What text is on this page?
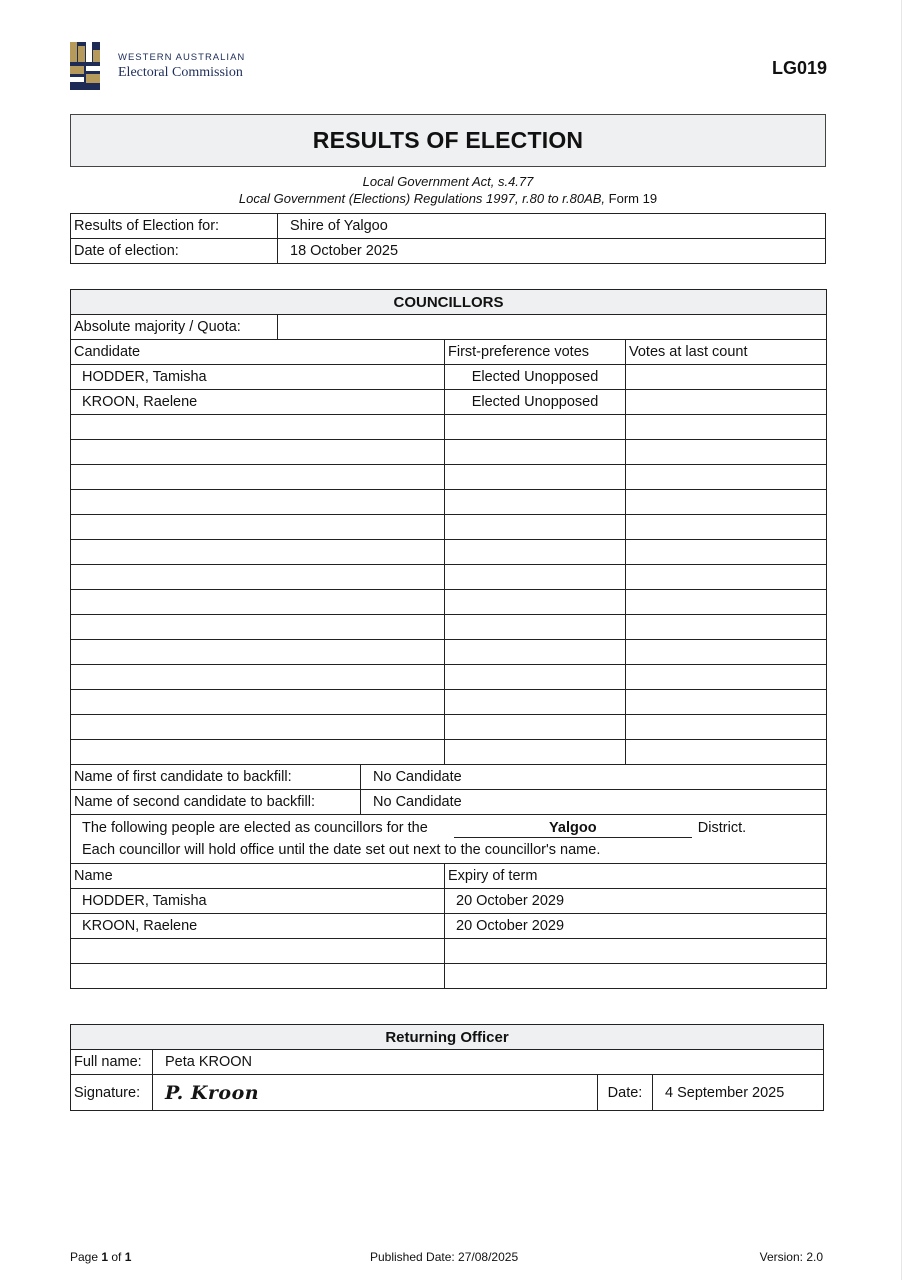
WESTERN AUSTRALIAN
Electoral Commission	LG019
RESULTS OF ELECTION
Local Government Act, s.4.77
Local Government (Elections) Regulations 1997, r.80 to r.80AB, Form 19
Results of Election for:	Shire of Yalgoo
Date of election:	18 October 2025
COUNCILLORS				
Absolute majority / Quota:				
Candidate			First-preference votes	Votes at last count
HODDER, Tamisha			Elected Unopposed	
KROON, Raelene			Elected Unopposed	

Name of first candidate to backfill:		No Candidate		
Name of second candidate to backfill:		No Candidate		
The following people are elected as councillors for the Yalgoo District.
Each councillor will hold office until the date set out next to the councillor's name.				
Name			Expiry of term	
HODDER, Tamisha			20 October 2029	
KROON, Raelene			20 October 2029	

Returning Officer			
Full name:	Peta KROON		
Signature:	P. Kroon	Date:	4 September 2025
Page 1 of 1	Published Date: 27/08/2025	Version: 2.0
